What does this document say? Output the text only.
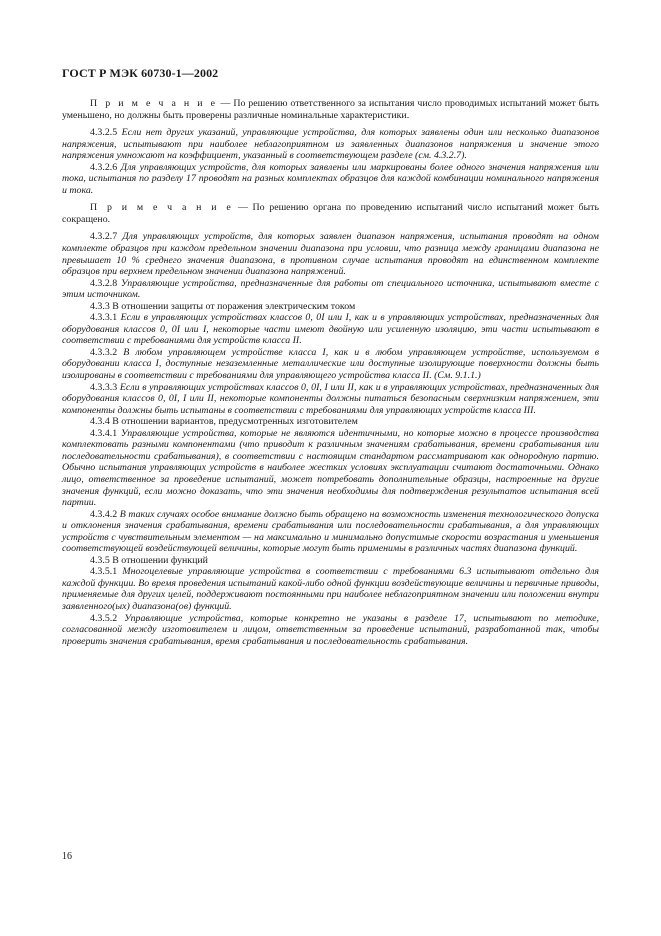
ГОСТ Р МЭК 60730-1—2002

П р и м е ч а н и е — По решению ответственного за испытания число проводимых испытаний может быть уменьшено, но должны быть проверены различные номинальные характеристики.

4.3.2.5 Если нет других указаний, управляющие устройства, для которых заявлены один или несколько диапазонов напряжения, испытывают при наиболее неблагоприятном из заявленных диапазонов напряжения и значение этого напряжения умножают на коэффициент, указанный в соответствующем разделе (см. 4.3.2.7).

4.3.2.6 Для управляющих устройств, для которых заявлены или маркированы более одного значения напряжения или тока, испытания по разделу 17 проводят на разных комплектах образцов для каждой комбинации номинального напряжения и тока.

П р и м е ч а н и е — По решению органа по проведению испытаний число испытаний может быть сокращено.

4.3.2.7 Для управляющих устройств, для которых заявлен диапазон напряжения, испытания проводят на одном комплекте образцов при каждом предельном значении диапазона при условии, что разница между границами диапазона не превышает 10 % среднего значения диапазона, в противном случае испытания проводят на единственном комплекте образцов при верхнем предельном значении диапазона напряжений.

4.3.2.8 Управляющие устройства, предназначенные для работы от специального источника, испытывают вместе с этим источником.

4.3.3 В отношении защиты от поражения электрическим током

4.3.3.1 Если в управляющих устройствах классов 0, 0I или I, как и в управляющих устройствах, предназначенных для оборудования классов 0, 0I или I, некоторые части имеют двойную или усиленную изоляцию, эти части испытывают в соответствии с требованиями для устройств класса II.

4.3.3.2 В любом управляющем устройстве класса I, как и в любом управляющем устройстве, используемом в оборудовании класса I, доступные незаземленные металлические или доступные изолирующие поверхности должны быть изолированы в соответствии с требованиями для управляющего устройства класса II. (См. 9.1.1.)

4.3.3.3 Если в управляющих устройствах классов 0, 0I, I или II, как и в управляющих устройствах, предназначенных для оборудования классов 0, 0I, I или II, некоторые компоненты должны питаться безопасным сверхнизким напряжением, эти компоненты должны быть испытаны в соответствии с требованиями для управляющих устройств класса III.

4.3.4 В отношении вариантов, предусмотренных изготовителем

4.3.4.1 Управляющие устройства, которые не являются идентичными, но которые можно в процессе производства комплектовать разными компонентами (что приводит к различным значениям срабатывания, времени срабатывания или последовательности срабатывания), в соответствии с настоящим стандартом рассматривают как однородную партию. Обычно испытания управляющих устройств в наиболее жестких условиях эксплуатации считают достаточными. Однако лицо, ответственное за проведение испытаний, может потребовать дополнительные образцы, настроенные на другие значения функций, если можно доказать, что эти значения необходимы для подтверждения результатов испытания всей партии.

4.3.4.2 В таких случаях особое внимание должно быть обращено на возможность изменения технологического допуска и отклонения значения срабатывания, времени срабатывания или последовательности срабатывания, а для управляющих устройств с чувствительным элементом — на максимально и минимально допустимые скорости возрастания и уменьшения соответствующей воздействующей величины, которые могут быть применимы в различных частях диапазона функций.

4.3.5 В отношении функций

4.3.5.1 Многоцелевые управляющие устройства в соответствии с требованиями 6.3 испытывают отдельно для каждой функции. Во время проведения испытаний какой-либо одной функции воздействующие величины и первичные приводы, применяемые для других целей, поддерживают постоянными при наиболее неблагоприятном значении или положении внутри заявленного(ых) диапазона(ов) функций.

4.3.5.2 Управляющие устройства, которые конкретно не указаны в разделе 17, испытывают по методике, согласованной между изготовителем и лицом, ответственным за проведение испытаний, разработанной так, чтобы проверить значения срабатывания, время срабатывания и последовательность срабатывания.

16
